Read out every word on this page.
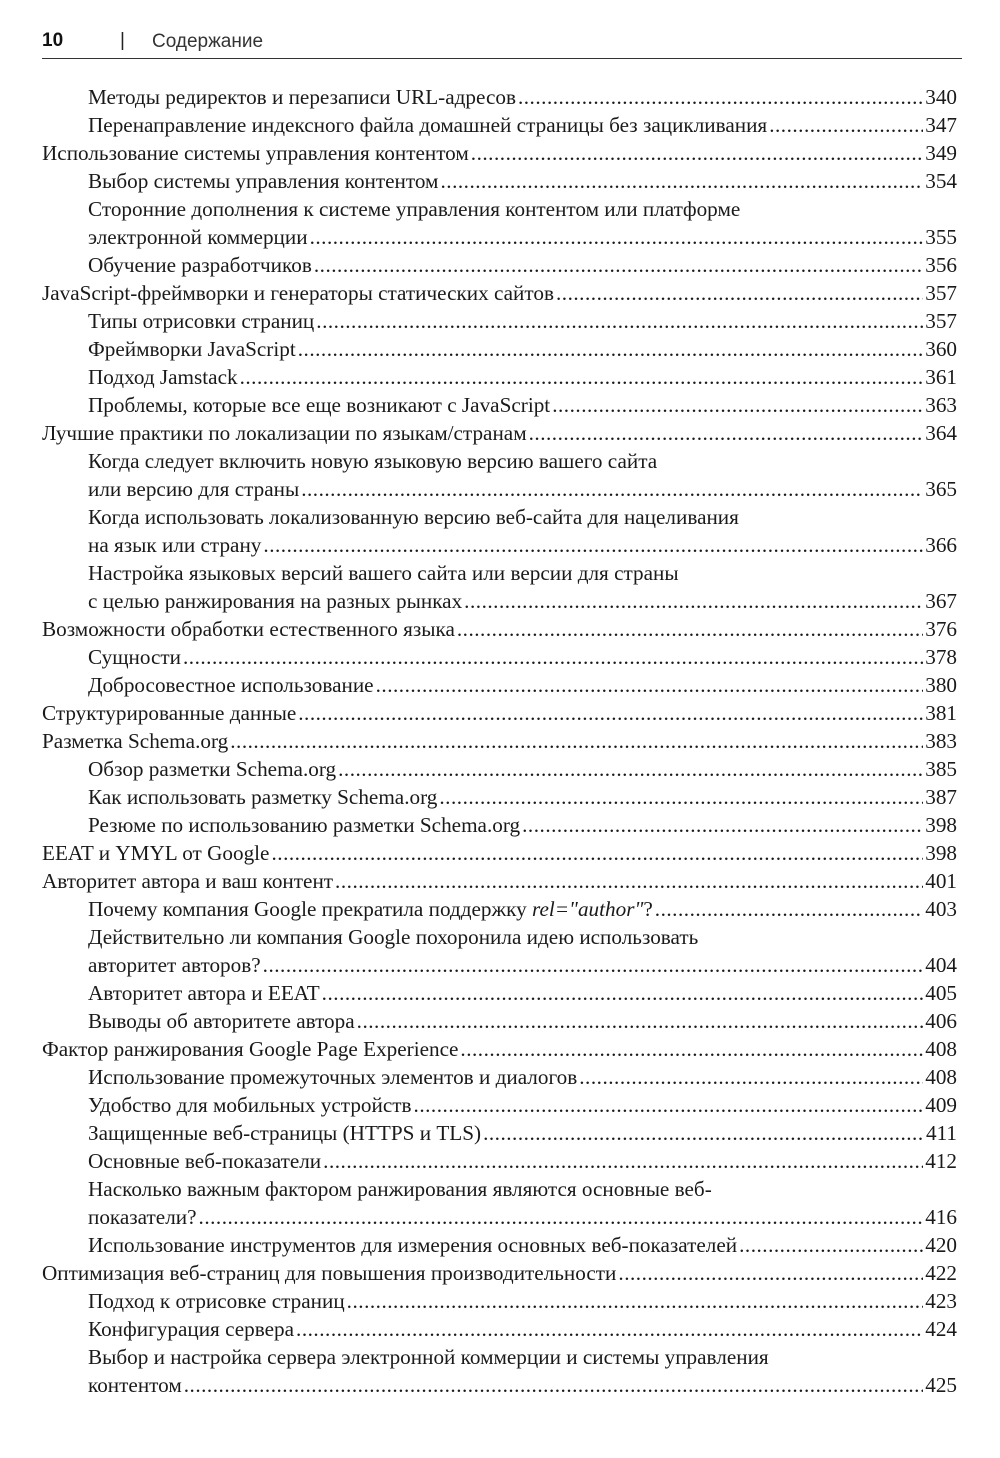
10	| Содержание
Методы редиректов и перезаписи URL-адресов .....	340
Перенаправление индексного файла домашней страницы без зацикливания .....	347
Использование системы управления контентом .....	349
Выбор системы управления контентом .....	354
Сторонние дополнения к системе управления контентом или платформе
электронной коммерции .....	355
Обучение разработчиков .....	356
JavaScript-фреймворки и генераторы статических сайтов .....	357
Типы отрисовки страниц .....	357
Фреймворки JavaScript .....	360
Подход Jamstack .....	361
Проблемы, которые все еще возникают с JavaScript .....	363
Лучшие практики по локализации по языкам/странам .....	364
Когда следует включить новую языковую версию вашего сайта
или версию для страны .....	365
Когда использовать локализованную версию веб-сайта для нацеливания
на язык или страну .....	366
Настройка языковых версий вашего сайта или версии для страны
с целью ранжирования на разных рынках .....	367
Возможности обработки естественного языка .....	376
Сущности .....	378
Добросовестное использование .....	380
Структурированные данные .....	381
Разметка Schema.org .....	383
Обзор разметки Schema.org .....	385
Как использовать разметку Schema.org .....	387
Резюме по использованию разметки Schema.org .....	398
EEAT и YMYL от Google .....	398
Авторитет автора и ваш контент .....	401
Почему компания Google прекратила поддержку rel="author"? .....	403
Действительно ли компания Google похоронила идею использовать
авторитет авторов? .....	404
Авторитет автора и EEAT .....	405
Выводы об авторитете автора .....	406
Фактор ранжирования Google Page Experience .....	408
Использование промежуточных элементов и диалогов .....	408
Удобство для мобильных устройств .....	409
Защищенные веб-страницы (HTTPS и TLS) .....	411
Основные веб-показатели .....	412
Насколько важным фактором ранжирования являются основные веб-
показатели? .....	416
Использование инструментов для измерения основных веб-показателей .....	420
Оптимизация веб-страниц для повышения производительности .....	422
Подход к отрисовке страниц .....	423
Конфигурация сервера .....	424
Выбор и настройка сервера электронной коммерции и системы управления
контентом .....	425
